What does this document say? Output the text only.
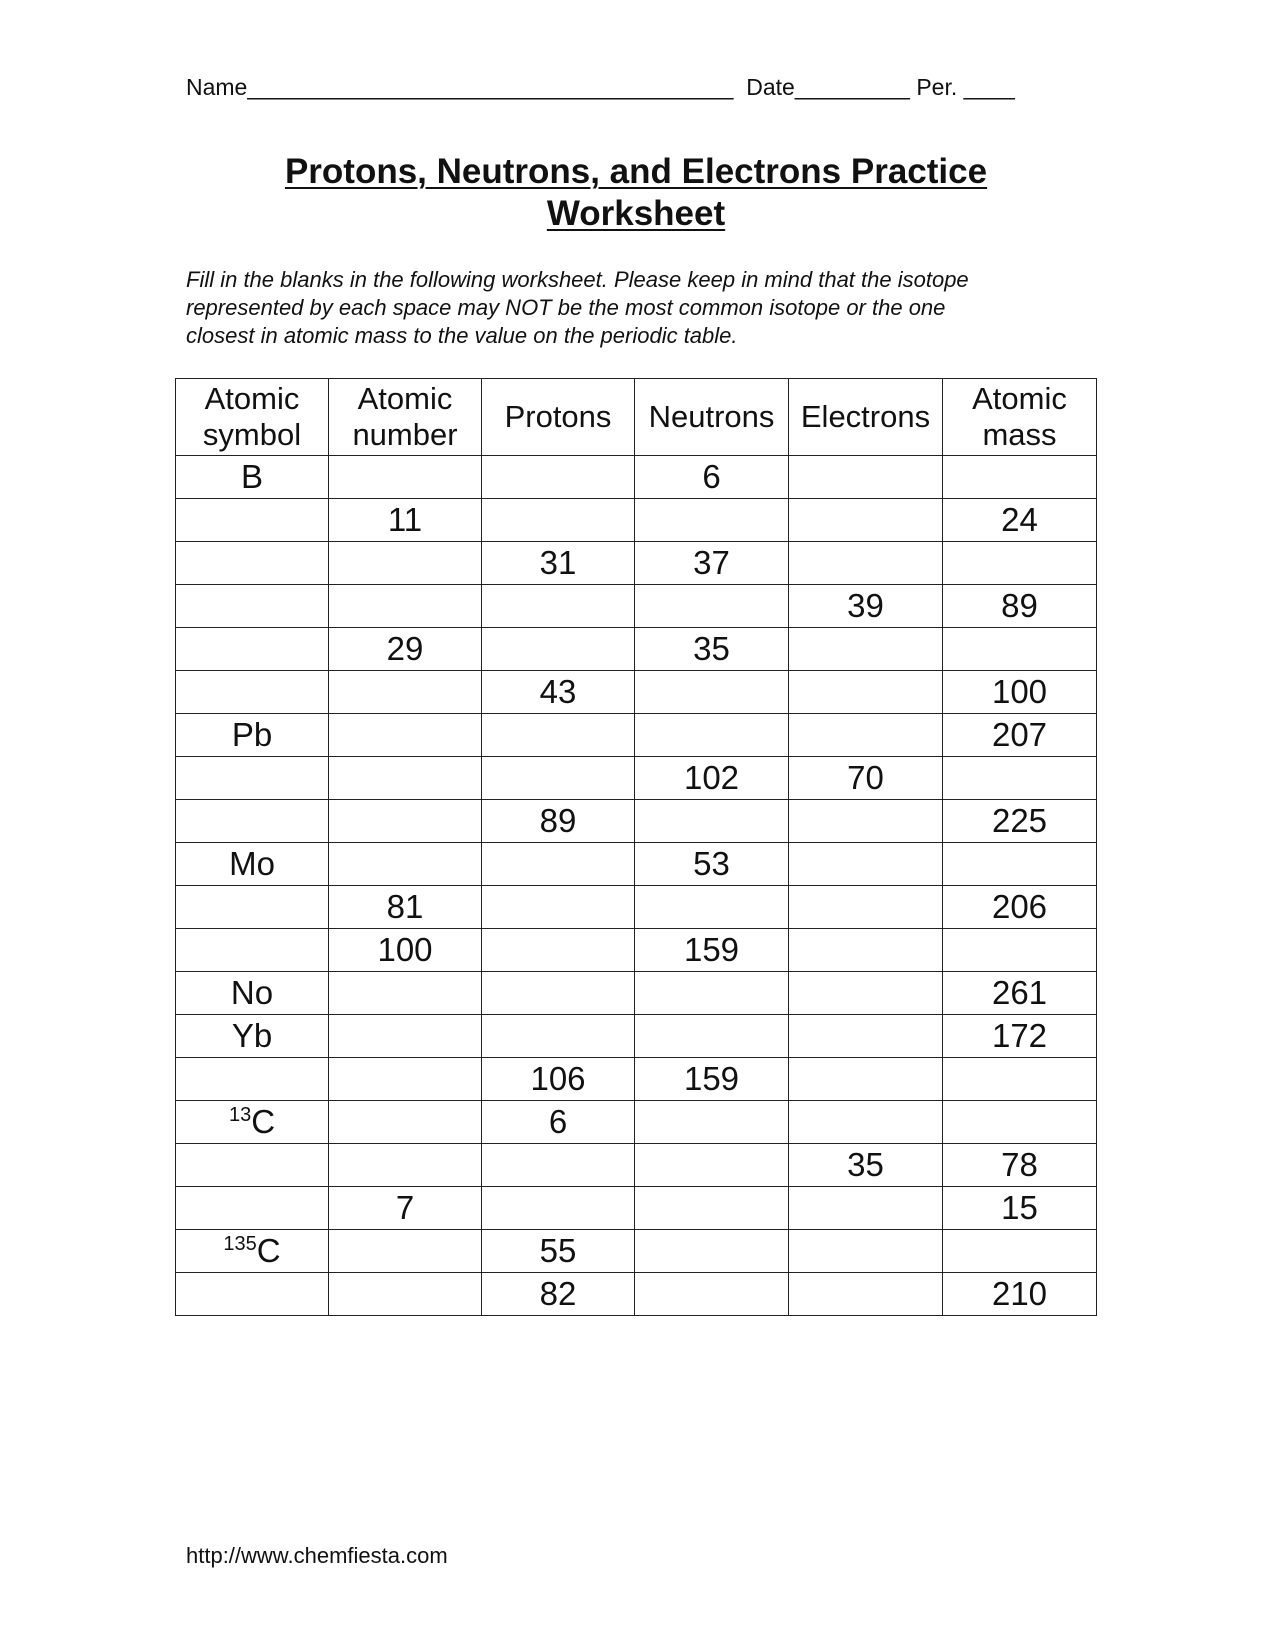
Name______________________________________ Date_________ Per. ____
Protons, Neutrons, and Electrons Practice
Worksheet
Fill in the blanks in the following worksheet. Please keep in mind that the isotope
represented by each space may NOT be the most common isotope or the one
closest in atomic mass to the value on the periodic table.
Atomic
symbol	Atomic
number	Protons	Neutrons	Electrons	Atomic
mass
B			6		
	11				24
		31	37		
				39	89
	29		35		
		43			100
Pb					207
			102	70	
		89			225
Mo			53		
	81				206
	100		159		
No					261
Yb					172
		106	159		
$^{13}$C		6			
				35	78
	7				15
$^{135}$C		55			
		82			210
http://www.chemfiesta.com
